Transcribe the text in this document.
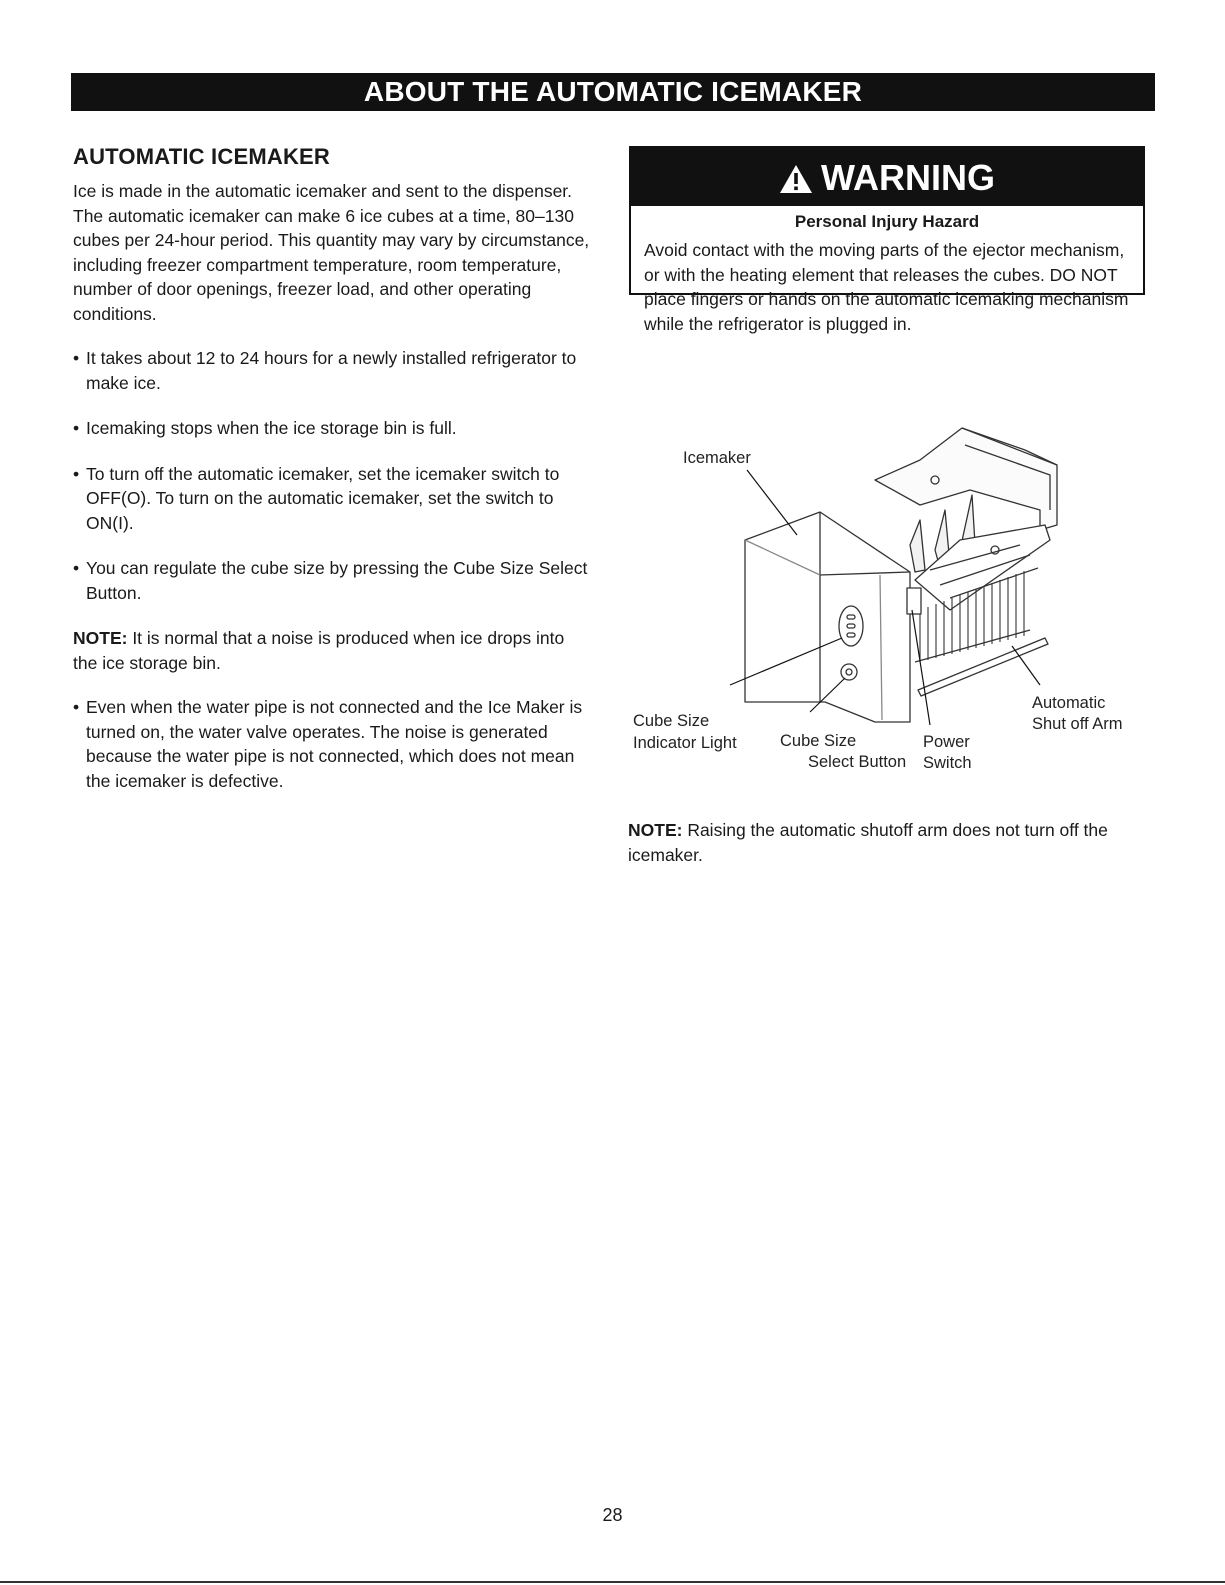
ABOUT THE AUTOMATIC ICEMAKER
AUTOMATIC ICEMAKER

Ice is made in the automatic icemaker and sent to the dispenser. The automatic icemaker can make 6 ice cubes at a time, 80–130 cubes per 24-hour period. This quantity may vary by circumstance, including freezer compartment temperature, room temperature, number of door openings, freezer load, and other operating conditions.

• It takes about 12 to 24 hours for a newly installed refrigerator to make ice.
• Icemaking stops when the ice storage bin is full.
• To turn off the automatic icemaker, set the icemaker switch to OFF(O). To turn on the automatic icemaker, set the switch to ON(I).
• You can regulate the cube size by pressing the Cube Size Select Button.

NOTE: It is normal that a noise is produced when ice drops into the ice storage bin.

• Even when the water pipe is not connected and the Ice Maker is turned on, the water valve operates. The noise is generated because the water pipe is not connected, which does not mean the icemaker is defective.
WARNING
Personal Injury Hazard
Avoid contact with the moving parts of the ejector mechanism, or with the heating element that releases the cubes. DO NOT place fingers or hands on the automatic icemaking mechanism while the refrigerator is plugged in.
Icemaker
Cube Size
Indicator Light	Cube Size
Select Button
Power
Switch
Automatic
Shut off Arm
NOTE: Raising the automatic shutoff arm does not turn off the icemaker.
28
